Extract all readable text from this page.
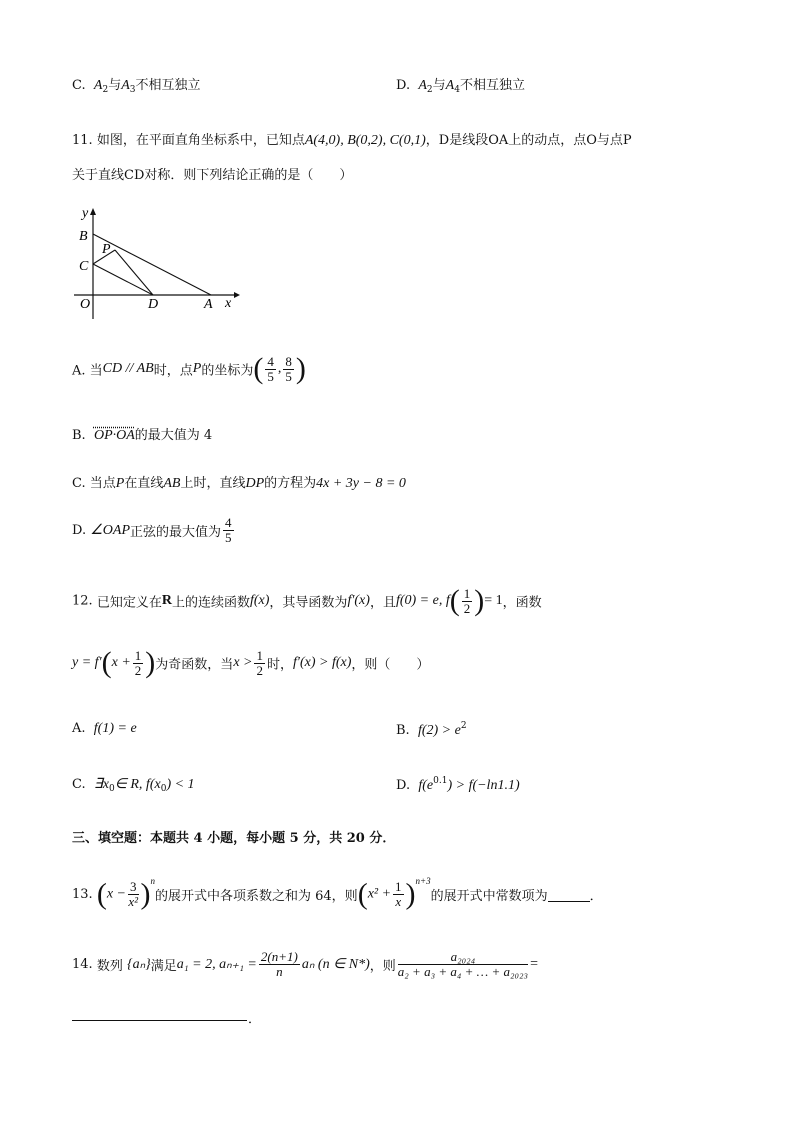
C. $A_2$与$A_3$不相互独立	D. $A_2$与$A_4$不相互独立
11. 如图，在平面直角坐标系中，已知点A(4,0), B(0,2), C(0,1)，D是线段OA上的动点，点O与点P
关于直线CD对称．则下列结论正确的是（　　）
y
x
B
C
P
O	D	A
A. 当CD // AB时，点P的坐标为( $\frac{4}{5}$ , $\frac{8}{5}$ )
B. OP·OA的最大值为 4
C. 当点P在直线AB上时，直线DP的方程为4x + 3y − 8 = 0
D. ∠OAP正弦的最大值为 $\frac{4}{5}$
12. 已知定义在R上的连续函数f(x)，其导函数为f′(x)，且f(0) = e, $f( \frac{1}{2}$ )= 1，函数
$y = f'(x + \frac{1}{2}$ )为奇函数，当$x > \frac{1}{2}$ 时，f′(x) > f(x)，则（　　）
A. f(1) = e	B. $f(2) > e^2$
C. $\exists x_0\in$ R, $f(x_0) < 1$	D. $f(e^{0.1}) > f(-\ln 1.1)$
三、填空题：本题共 4 小题，每小题 5 分，共 20 分．
13. $(x - \frac{3}{\text{x²}} )^n$的展开式中各项系数之和为 64，则$(x^2 + \frac{1}{x} )^{n+3}$的展开式中常数项为	．
14. 数列 {aₙ}满足a₁ = 2, $a_{n+1} = \frac{2(n+1)}{n}$ aₙ (n ∈ N*)，则 $\frac{\text{a₂₀₂₄}}{\text{a₂ + a₃ + a₄ + … + a₂₀₂₃}}$ =
．
